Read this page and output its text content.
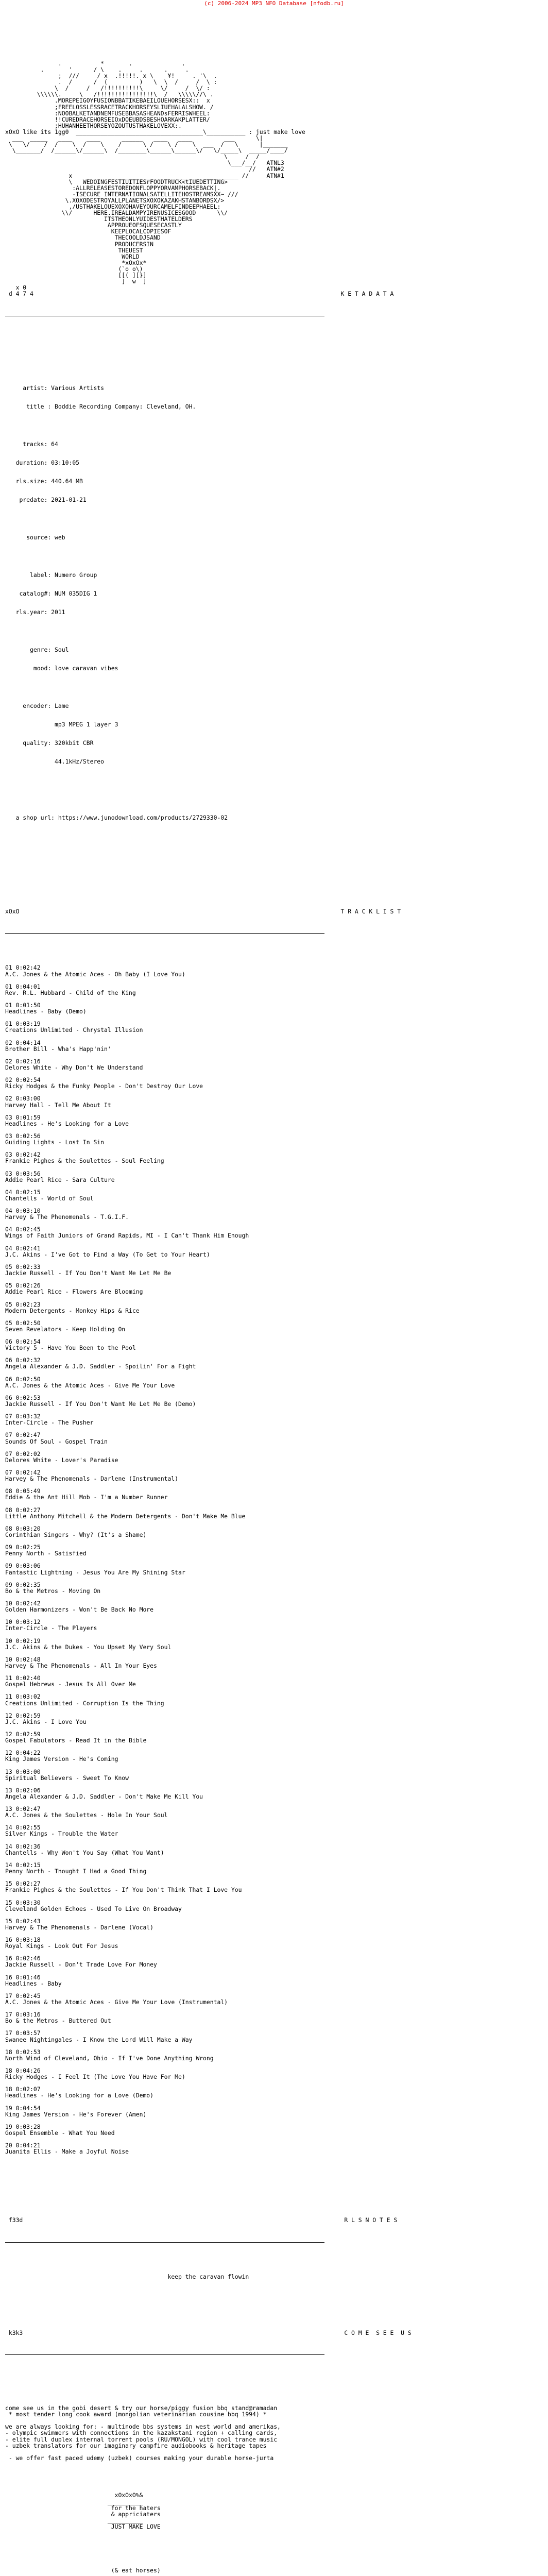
(c) 2006-2024 MP3 NFO Database [nfodb.ru]

.           *       .              .
.       '      / \    .     .      .     .
;  ///     / x  .!!!!!. x \    ¥!     . '\  .
.  /      /  (         )   \  \  /     /  \ :
\  /     /   /!!!!!!!!!!\     \/     /  \/ :
\\\\\\.     \   /!!!!!!!!!!!!!!!!\  /   \\\\\//\ .
.MOREPEIGOYFUSIONBBATIKEBAEILOUEHORSESX::  x
;FREELOSSLESSRACETRACKHORSEYSLIUEHALALSHOW. /
:NOOBALKETANDNEMFUSEBBASASHEANDsFERRISWHEEL:
!!CUREDRACEHORSEIOxDOEUBDSBESHOARKAKPLATTER/
;HUHANHEETHORSEYOZOUTUSTHAKELOVEXX:.
xOxO like its 1gg0  ____________________________________\___________ : just make love
___  _____   ____    ____      ______   ____   ____         ___      \|
\   \/    /  /    \  /    \    /      \ /    \ /    \  ___  /   \      |_______
\_______/  /______\/______\  /________\______\______\/   \/_____\  _____/____/
\     /  /
\___/__/   ATNL3
//   ATN#2
x    ___________________________________________ //     ATN#1
\   WEDOINGFESTIUITIESrFOODTRUCK<tIUEDETTING>
:ALLRELEASESTOREDONFLOPPYORVAMPHORSEBACK|.
-ISECURE INTERNATIONALSATELLITEHOSTREAMSXX~ ///
\.XOXODESTROYALLPLANETSXOXOKAZAKHSTANBORDSX/>
,/USTHAKELOUEXOXOHAVEYOURCAMELFINDEEPHAEEL:
\\/      HERE.IREALDAMPYIRENUSICESGOOD      \\/
ITSTHEONLYUIDESTHATELDERS
APPROUEOFSQUESECASTLY
KEEPLOCALCOPIESOF
THECOOLDJSAND
PRODUCERSIN
THEUEST
WORLD
*xOxOx*
(`o o\)
[[( ][}]
]  w  ]
x 0
d 4 7 4                                                                                       K E T A D A T A

artist: Various Artists

title : Boddie Recording Company: Cleveland, OH.

tracks: 64

duration: 03:10:05

rls.size: 440.64 MB

predate: 2021-01-21

source: web

label: Numero Group

catalog#: NUM 035DIG 1

rls.year: 2011

genre: Soul

mood: love caravan vibes

encoder: Lame

mp3 MPEG 1 layer 3

quality: 320kbit CBR

44.1kHz/Stereo

a shop url: https://www.junodownload.com/products/2729330-02

xOxO                                                                                           T R A C K L I S T

01 0:02:42
A.C. Jones & the Atomic Aces - Oh Baby (I Love You)
01 0:04:01
Rev. R.L. Hubbard - Child of the King
01 0:01:50
Headlines - Baby (Demo)
01 0:03:19
Creations Unlimited - Chrystal Illusion
02 0:04:14
Brother Bill - Wha's Happ'nin'
02 0:02:16
Delores White - Why Don't We Understand
02 0:02:54
Ricky Hodges & the Funky People - Don't Destroy Our Love
02 0:03:00
Harvey Hall - Tell Me About It
03 0:01:59
Headlines - He's Looking for a Love
03 0:02:56
Guiding Lights - Lost In Sin
03 0:02:42
Frankie Pighes & the Soulettes - Soul Feeling
03 0:03:56
Addie Pearl Rice - Sara Culture
04 0:02:15
Chantells - World of Soul
04 0:03:10
Harvey & The Phenomenals - T.G.I.F.
04 0:02:45
Wings of Faith Juniors of Grand Rapids, MI - I Can't Thank Him Enough
04 0:02:41
J.C. Akins - I've Got to Find a Way (To Get to Your Heart)
05 0:02:33
Jackie Russell - If You Don't Want Me Let Me Be
05 0:02:26
Addie Pearl Rice - Flowers Are Blooming
05 0:02:23
Modern Detergents - Monkey Hips & Rice
05 0:02:50
Seven Revelators - Keep Holding On
06 0:02:54
Victory 5 - Have You Been to the Pool
06 0:02:32
Angela Alexander & J.D. Saddler - Spoilin' For a Fight
06 0:02:50
A.C. Jones & the Atomic Aces - Give Me Your Love
06 0:02:53
Jackie Russell - If You Don't Want Me Let Me Be (Demo)
07 0:03:32
Inter-Circle - The Pusher
07 0:02:47
Sounds Of Soul - Gospel Train
07 0:02:02
Delores White - Lover's Paradise
07 0:02:42
Harvey & The Phenomenals - Darlene (Instrumental)
08 0:05:49
Eddie & the Ant Hill Mob - I'm a Number Runner
08 0:02:27
Little Anthony Mitchell & the Modern Detergents - Don't Make Me Blue
08 0:03:20
Corinthian Singers - Why? (It's a Shame)
09 0:02:25
Penny North - Satisfied
09 0:03:06
Fantastic Lightning - Jesus You Are My Shining Star
09 0:02:35
Bo & the Metros - Moving On
10 0:02:42
Golden Harmonizers - Won't Be Back No More
10 0:03:12
Inter-Circle - The Players
10 0:02:19
J.C. Akins & the Dukes - You Upset My Very Soul
10 0:02:48
Harvey & The Phenomenals - All In Your Eyes
11 0:02:40
Gospel Hebrews - Jesus Is All Over Me
11 0:03:02
Creations Unlimited - Corruption Is the Thing
12 0:02:59
J.C. Akins - I Love You
12 0:02:59
Gospel Fabulators - Read It in the Bible
12 0:04:22
King James Version - He's Coming
13 0:03:00
Spiritual Believers - Sweet To Know
13 0:02:06
Angela Alexander & J.D. Saddler - Don't Make Me Kill You
13 0:02:47
A.C. Jones & the Soulettes - Hole In Your Soul
14 0:02:55
Silver Kings - Trouble the Water
14 0:02:36
Chantells - Why Won't You Say (What You Want)
14 0:02:15
Penny North - Thought I Had a Good Thing
15 0:02:27
Frankie Pighes & the Soulettes - If You Don't Think That I Love You
15 0:03:30
Cleveland Golden Echoes - Used To Live On Broadway
15 0:02:43
Harvey & The Phenomenals - Darlene (Vocal)
16 0:03:18
Royal Kings - Look Out For Jesus
16 0:02:46
Jackie Russell - Don't Trade Love For Money
16 0:01:46
Headlines - Baby
17 0:02:45
A.C. Jones & the Atomic Aces - Give Me Your Love (Instrumental)
17 0:03:16
Bo & the Metros - Buttered Out
17 0:03:57
Swanee Nightingales - I Know the Lord Will Make a Way
18 0:02:53
North Wind of Cleveland, Ohio - If I've Done Anything Wrong
18 0:04:26
Ricky Hodges - I Feel It (The Love You Have For Me)
18 0:02:07
Headlines - He's Looking for a Love (Demo)
19 0:04:54
King James Version - He's Forever (Amen)
19 0:03:28
Gospel Ensemble - What You Need
20 0:04:21
Juanita Ellis - Make a Joyful Noise

f33d                                                                                           R L S N O T E S

keep the caravan flowin

k3k3                                                                                           C O M E  S E E  U S

come see us in the gobi desert & try our horse/piggy fusion bbq stand@ramadan
* most tender long cook award (mongolian veterinarian cousine bbq 1994) *
we are always looking for: - multinode bbs systems in west world and amerikas,
- olympic swimmers with connections in the kazakstani region + calling cards,
- elite full duplex internal torrent pools (RU/MONGOL) with cool trance music
- uzbek translators for our imaginary campfire audiobooks & heritage tapes
- we offer fast paced udemy (uzbek) courses making your durable horse-jurta

xOxOxO%&
__________
for the haters
& appriciaters
__________
JUST MAKE LOVE
(& eat horses)
